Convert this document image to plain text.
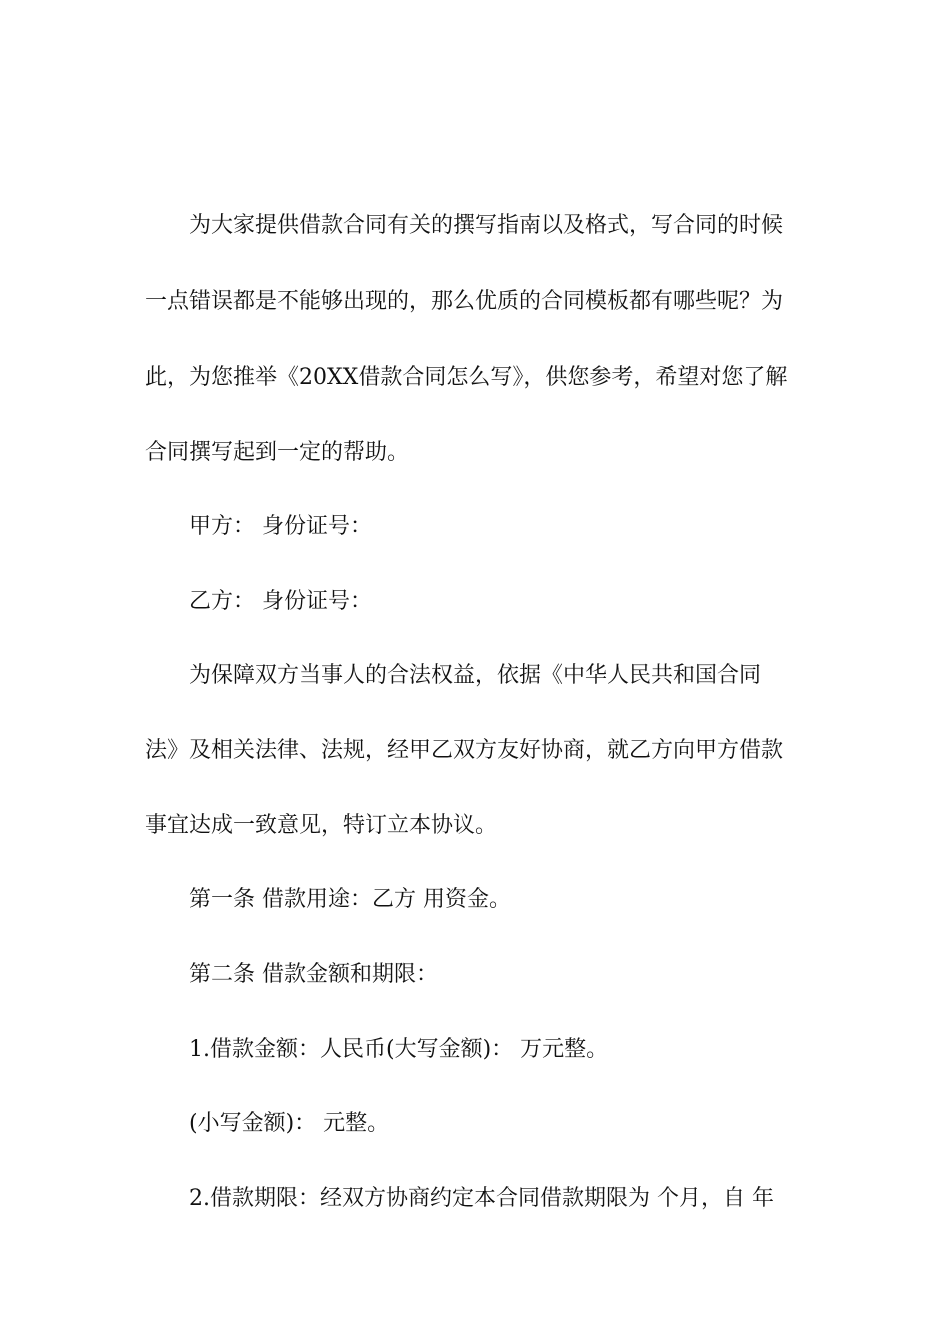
为大家提供借款合同有关的撰写指南以及格式，写合同的时候
一点错误都是不能够出现的，那么优质的合同模板都有哪些呢？为
此，为您推举《20XX借款合同怎么写》，供您参考，希望对您了解
合同撰写起到一定的帮助。
甲方： 身份证号：
乙方： 身份证号：
为保障双方当事人的合法权益，依据《中华人民共和国合同
法》及相关法律、法规，经甲乙双方友好协商，就乙方向甲方借款
事宜达成一致意见，特订立本协议。
第一条 借款用途：乙方 用资金。
第二条 借款金额和期限：
1.借款金额：人民币(大写金额)： 万元整。
(小写金额)： 元整。
2.借款期限：经双方协商约定本合同借款期限为 个月，自 年
